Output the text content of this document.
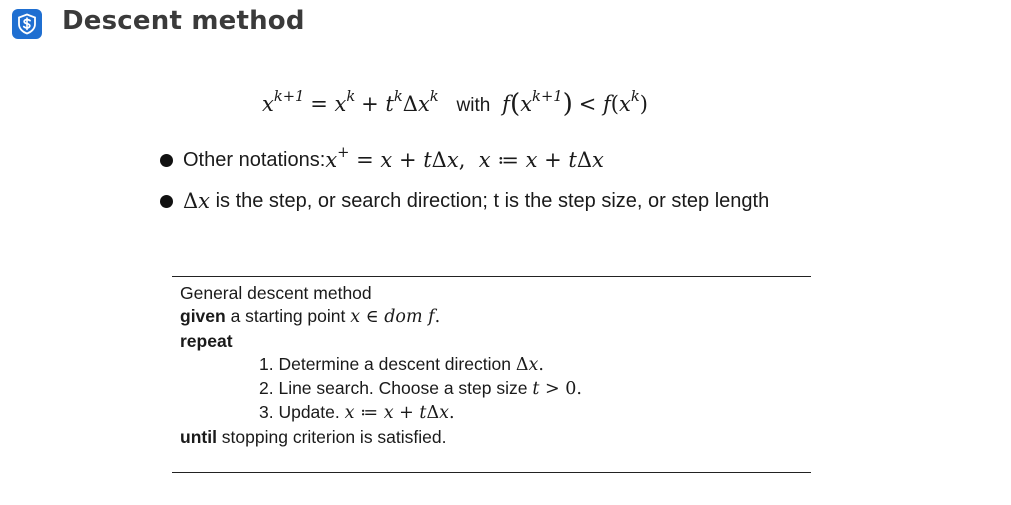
Descent method
$x^{k+1} = x^k + t^k\Delta x^k$ with $f(x^{k+1}) < f(x^k)$
Other notations: x+ = x + tΔx,  x ≔ x + tΔx
Δx is the step, or search direction; t is the step size, or step length
General descent method
given a starting point x ∈ dom f.
repeat
1. Determine a descent direction Δx.
2. Line search. Choose a step size t > 0.
3. Update. x ≔ x + tΔx.
until stopping criterion is satisfied.
